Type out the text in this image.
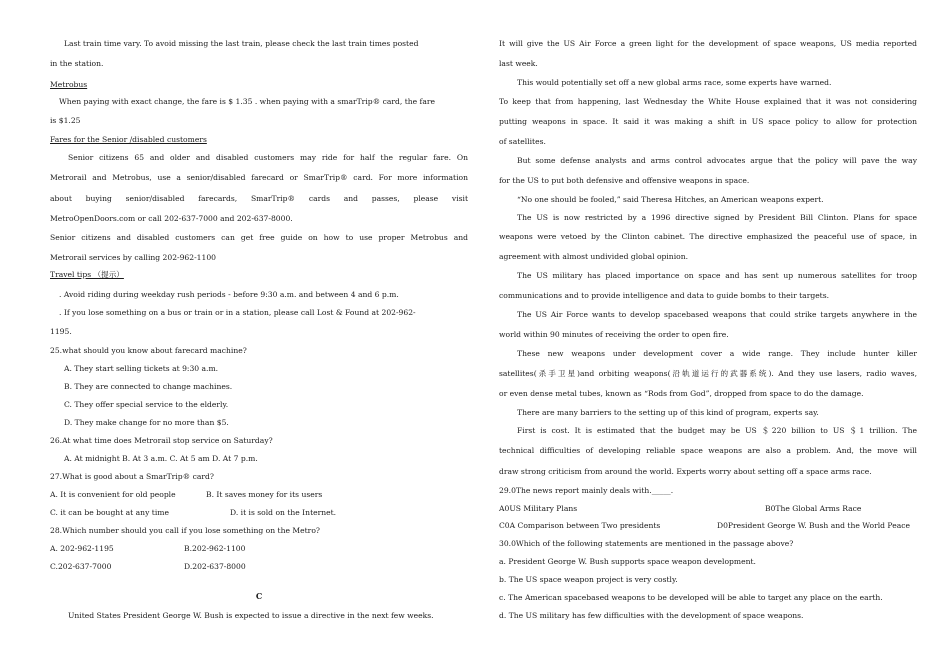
Last train time vary. To avoid missing the last train, please check the last train times posted
in the station.
Metrobus
When paying with exact change, the fare is $ 1.35 . when paying with a smarTrip® card, the fare
is $1.25
Fares for the Senior /disabled customers
Senior citizens 65 and older and disabled customers may ride for half the regular fare. On
Metrorail and Metrobus, use a senior/disabled farecard or SmarTrip® card. For more information
about buying senior/disabled farecards, SmarTrip® cards and passes, please visit
MetroOpenDoors.com or call 202-637-7000 and 202-637-8000.
Senior citizens and disabled customers can get free guide on how to use proper Metrobus and
Metrorail services by calling 202-962-1100
Travel tips （提示）
. Avoid riding during weekday rush periods - before 9:30 a.m. and between 4 and 6 p.m.
. If you lose something on a bus or train or in a station, please call Lost & Found at 202-962-
1195.
25.what should you know about farecard machine?
A. They start selling tickets at 9:30 a.m.
B. They are connected to change machines.
C. They offer special service to the elderly.
D. They make change for no more than $5.
26.At what time does Metrorail stop service on Saturday?
A. At midnight B. At 3 a.m. C. At 5 am D. At 7 p.m.
27.What is good about a SmarTrip® card?
A. It is convenient for old people	B. It saves money for its users
C. it can be bought at any time	D. it is sold on the Internet.
28.Which number should you call if you lose something on the Metro?
A. 202-962-1195	B.202-962-1100
C.202-637-7000	D.202-637-8000
C
United States President George W. Bush is expected to issue a directive in the next few weeks.
It will give the US Air Force a green light for the development of space weapons, US media reported
last week.
This would potentially set off a new global arms race, some experts have warned.
To keep that from happening, last Wednesday the White House explained that it was not considering
putting weapons in space. It said it was making a shift in US space policy to allow for protection
of satellites.
But some defense analysts and arms control advocates argue that the policy will pave the way
for the US to put both defensive and offensive weapons in space.
“No one should be fooled,” said Theresa Hitches, an American weapons expert.
The US is now restricted by a 1996 directive signed by President Bill Clinton. Plans for space
weapons were vetoed by the Clinton cabinet. The directive emphasized the peaceful use of space, in
agreement with almost undivided global opinion.
The US military has placed importance on space and has sent up numerous satellites for troop
communications and to provide intelligence and data to guide bombs to their targets.
The US Air Force wants to develop spacebased weapons that could strike targets anywhere in the
world within 90 minutes of receiving the order to open fire.
These new weapons under development cover a wide range. They include hunter killer
satellites(杀手卫星)and orbiting weapons(沿轨道运行的武器系统). And they use lasers, radio waves,
or even dense metal tubes, known as “Rods from God”, dropped from space to do the damage.
There are many barriers to the setting up of this kind of program, experts say.
First is cost. It is estimated that the budget may be US ＄220 billion to US ＄1 trillion. The
technical difficulties of developing reliable space weapons are also a problem. And, the move will
draw strong criticism from around the world. Experts worry about setting off a space arms race.
29.0The news report mainly deals with._____.
A0US Military Plans	B0The Global Arms Race
C0A Comparison between Two presidents	D0President George W. Bush and the World Peace
30.0Which of the following statements are mentioned in the passage above?
a. President George W. Bush supports space weapon development.
b. The US space weapon project is very costly.
c. The American spacebased weapons to be developed will be able to target any place on the earth.
d. The US military has few difficulties with the development of space weapons.
